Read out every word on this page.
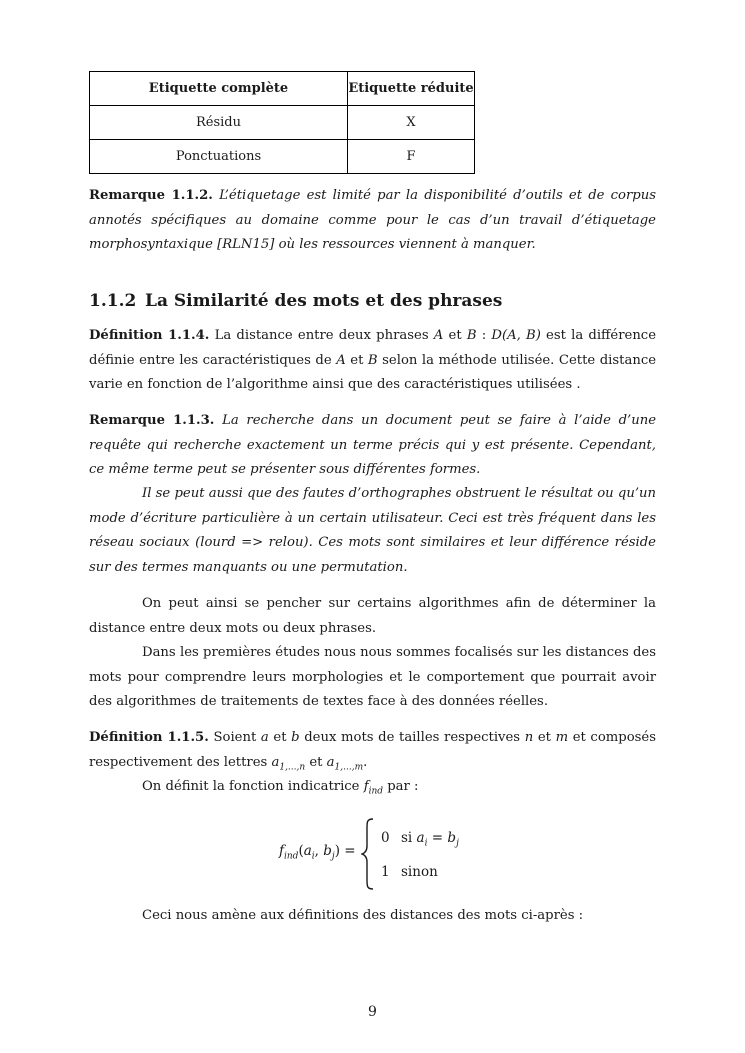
Etiquette complète	Etiquette réduite
Résidu	X
Ponctuations	F

Remarque 1.1.2. L’étiquetage est limité par la disponibilité d’outils et de corpus annotés spécifiques au domaine comme pour le cas d’un travail d’étiquetage morphosyntaxique [RLN15] où les ressources viennent à manquer.

1.1.2 La Similarité des mots et des phrases

Définition 1.1.4. La distance entre deux phrases A et B : D(A, B) est la différence définie entre les caractéristiques de A et B selon la méthode utilisée. Cette distance varie en fonction de l’algorithme ainsi que des caractéristiques utilisées .

Remarque 1.1.3. La recherche dans un document peut se faire à l’aide d’une requête qui recherche exactement un terme précis qui y est présente. Cependant, ce même terme peut se présenter sous différentes formes.

Il se peut aussi que des fautes d’orthographes obstruent le résultat ou qu’un mode d’écriture particulière à un certain utilisateur. Ceci est très fréquent dans les réseau sociaux (lourd => relou). Ces mots sont similaires et leur différence réside sur des termes manquants ou une permutation.

On peut ainsi se pencher sur certains algorithmes afin de déterminer la distance entre deux mots ou deux phrases.

Dans les premières études nous nous sommes focalisés sur les distances des mots pour comprendre leurs morphologies et le comportement que pourrait avoir des algorithmes de traitements de textes face à des données réelles.

Définition 1.1.5. Soient a et b deux mots de tailles respectives n et m et composés respectivement des lettres $a_{1,...,n}$ et $a_{1,...,m}$.

On définit la fonction indicatrice $f_{ind}$ par :

$f_{ind}(a_i$, $b_j$) =
0 si $a_i = b_j$
1 sinon

Ceci nous amène aux définitions des distances des mots ci-après :

9
